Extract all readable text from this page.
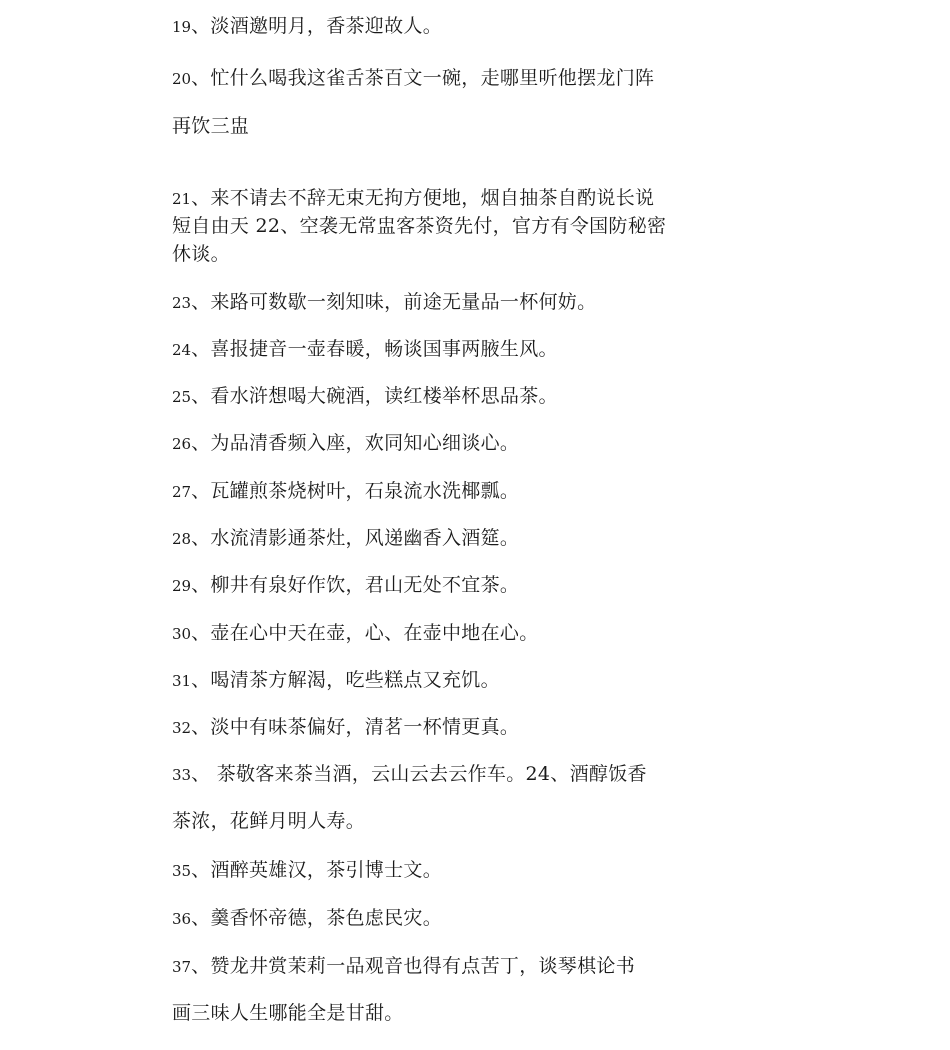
19、淡酒邀明月，香茶迎故人。
20、忙什么喝我这雀舌茶百文一碗，走哪里听他摆龙门阵
再饮三盅
21、来不请去不辞无束无拘方便地，烟自抽茶自酌说长说
短自由天 22、空袭无常盅客茶资先付，官方有令国防秘密
休谈。
23、来路可数歇一刻知味，前途无量品一杯何妨。
24、喜报捷音一壶春暖，畅谈国事两腋生风。
25、看水浒想喝大碗酒，读红楼举杯思品茶。
26、为品清香频入座，欢同知心细谈心。
27、瓦罐煎茶烧树叶，石泉流水洗椰瓢。
28、水流清影通茶灶，风递幽香入酒筵。
29、柳井有泉好作饮，君山无处不宜茶。
30、壶在心中天在壶，心、在壶中地在心。
31、喝清茶方解渴，吃些糕点又充饥。
32、淡中有味茶偏好，清茗一杯情更真。
33、 茶敬客来茶当酒，云山云去云作车。24、酒醇饭香
茶浓，花鲜月明人寿。
35、酒醉英雄汉，茶引博士文。
36、羹香怀帝德，茶色虑民灾。
37、赞龙井赏茉莉一品观音也得有点苦丁，谈琴棋论书
画三味人生哪能全是甘甜。
